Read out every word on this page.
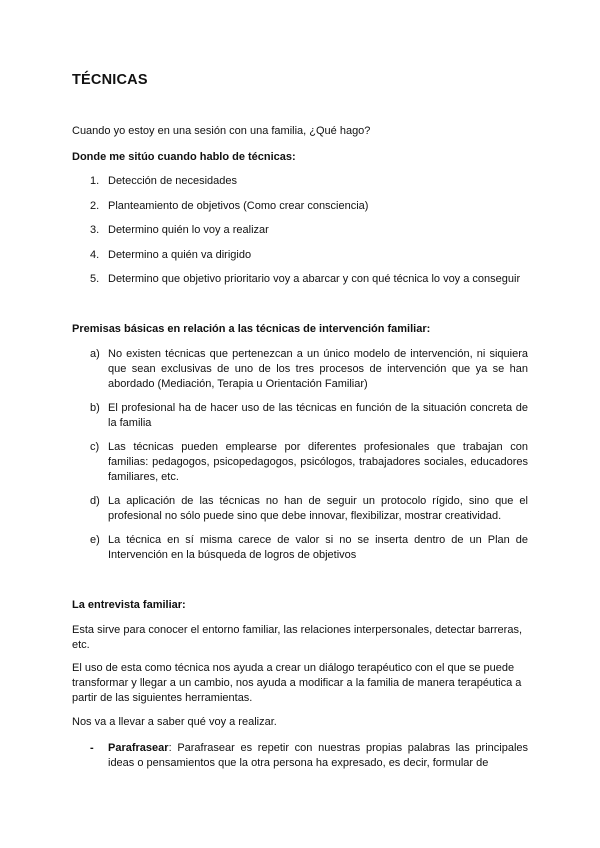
TÉCNICAS

Cuando yo estoy en una sesión con una familia, ¿Qué hago?

Donde me sitúo cuando hablo de técnicas:

1. Detección de necesidades

2. Planteamiento de objetivos (Como crear consciencia)

3. Determino quién lo voy a realizar

4. Determino a quién va dirigido

5. Determino que objetivo prioritario voy a abarcar y con qué técnica lo voy a conseguir

Premisas básicas en relación a las técnicas de intervención familiar:

a) No existen técnicas que pertenezcan a un único modelo de intervención, ni siquiera que sean exclusivas de uno de los tres procesos de intervención que ya se han abordado (Mediación, Terapia u Orientación Familiar)

b) El profesional ha de hacer uso de las técnicas en función de la situación concreta de la familia

c) Las técnicas pueden emplearse por diferentes profesionales que trabajan con familias: pedagogos, psicopedagogos, psicólogos, trabajadores sociales, educadores familiares, etc.

d) La aplicación de las técnicas no han de seguir un protocolo rígido, sino que el profesional no sólo puede sino que debe innovar, flexibilizar, mostrar creatividad.

e) La técnica en sí misma carece de valor si no se inserta dentro de un Plan de Intervención en la búsqueda de logros de objetivos

La entrevista familiar:

Esta sirve para conocer el entorno familiar, las relaciones interpersonales, detectar barreras, etc.

El uso de esta como técnica nos ayuda a crear un diálogo terapéutico con el que se puede transformar y llegar a un cambio, nos ayuda a modificar a la familia de manera terapéutica a partir de las siguientes herramientas.

Nos va a llevar a saber qué voy a realizar.

- Parafrasear: Parafrasear es repetir con nuestras propias palabras las principales ideas o pensamientos que la otra persona ha expresado, es decir, formular de
